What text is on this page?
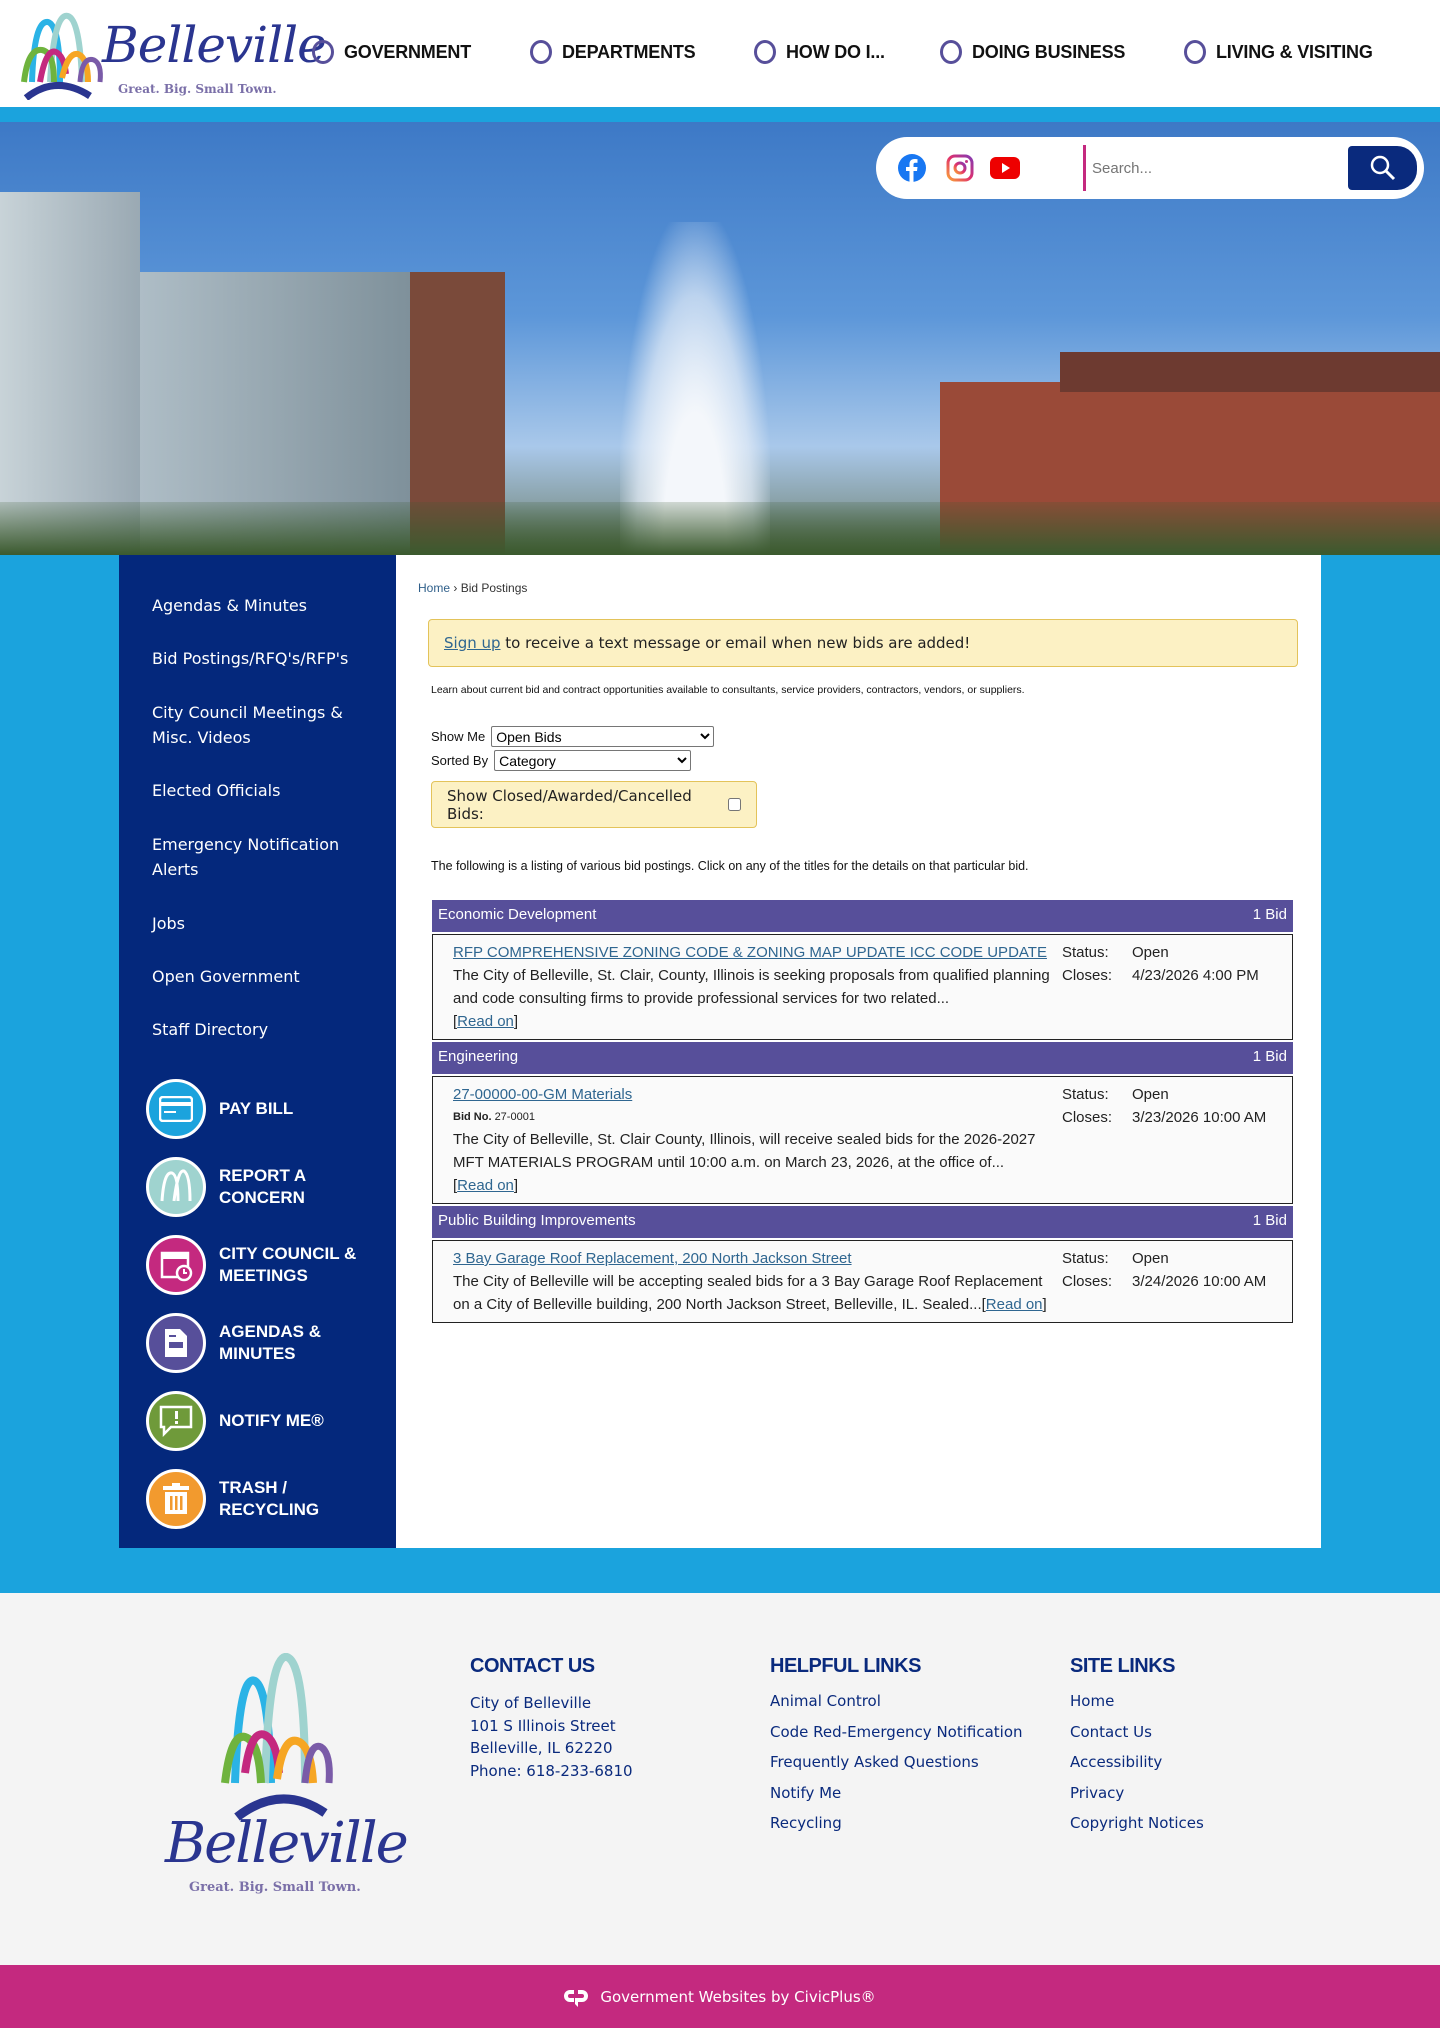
Belleville
Great. Big. Small Town.
GOVERNMENT	DEPARTMENTS	HOW DO I...	DOING BUSINESS	LIVING & VISITING
Search...
Agendas & Minutes
Bid Postings/RFQ's/RFP's
City Council Meetings & Misc. Videos
Elected Officials
Emergency Notification Alerts
Jobs
Open Government
Staff Directory
PAY BILL
REPORT A CONCERN
CITY COUNCIL & MEETINGS
AGENDAS & MINUTES
NOTIFY ME®
TRASH / RECYCLING
Home › Bid Postings
Sign up to receive a text message or email when new bids are added!
Learn about current bid and contract opportunities available to consultants, service providers, contractors, vendors, or suppliers.
Show Me
Open Bids
Sorted By
Category
Show Closed/Awarded/Cancelled Bids:
The following is a listing of various bid postings. Click on any of the titles for the details on that particular bid.
Economic Development	1 Bid
RFP COMPREHENSIVE ZONING CODE & ZONING MAP UPDATE ICC CODE UPDATE
The City of Belleville, St. Clair, County, Illinois is seeking proposals from qualified planning and code consulting firms to provide professional services for two related...
[Read on]
Status:	Open
Closes:	4/23/2026 4:00 PM
Engineering	1 Bid
27-00000-00-GM Materials
Bid No. 27-0001
The City of Belleville, St. Clair County, Illinois, will receive sealed bids for the 2026-2027 MFT MATERIALS PROGRAM until 10:00 a.m. on March 23, 2026, at the office of...
[Read on]
Status:	Open
Closes:	3/23/2026 10:00 AM
Public Building Improvements	1 Bid
3 Bay Garage Roof Replacement, 200 North Jackson Street
The City of Belleville will be accepting sealed bids for a 3 Bay Garage Roof Replacement on a City of Belleville building, 200 North Jackson Street, Belleville, IL. Sealed...[Read on]
Status:	Open
Closes:	3/24/2026 10:00 AM
Belleville
Great. Big. Small Town.
CONTACT US
City of Belleville
101 S Illinois Street
Belleville, IL 62220
Phone: 618-233-6810
HELPFUL LINKS
Animal Control
Code Red-Emergency Notification
Frequently Asked Questions
Notify Me
Recycling
SITE LINKS
Home
Contact Us
Accessibility
Privacy
Copyright Notices
Government Websites by CivicPlus®
